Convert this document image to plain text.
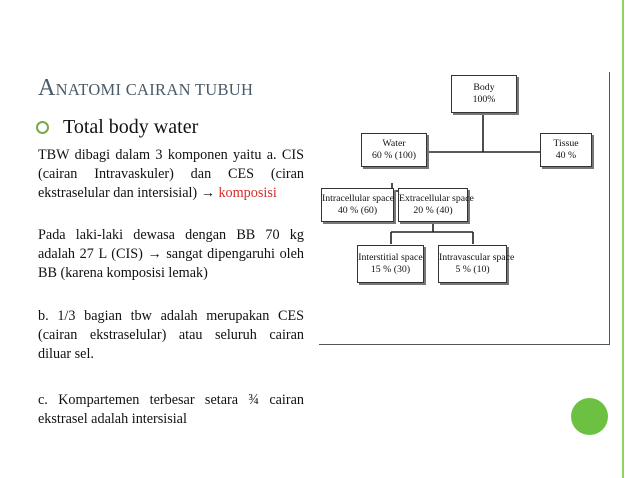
ANATOMI CAIRAN TUBUH
Total body water

TBW dibagi dalam 3 komponen yaitu a. CIS (cairan Intravaskuler) dan CES (ciran ekstraselular dan intersisial) → komposisi

Pada laki-laki dewasa dengan BB 70 kg adalah 27 L (CIS) → sangat dipengaruhi oleh BB (karena komposisi lemak)

b. 1/3 bagian tbw adalah merupakan CES (cairan ekstraselular) atau seluruh cairan diluar sel.

c. Kompartemen terbesar setara ¾ cairan ekstrasel adalah intersisial

Body
100%
Water
60 % (100)
Tissue
40 %
Intracellular space
40 % (60)
Extracellular space
20 % (40)
Interstitial space
15 % (30)
Intravascular space
5 % (10)
